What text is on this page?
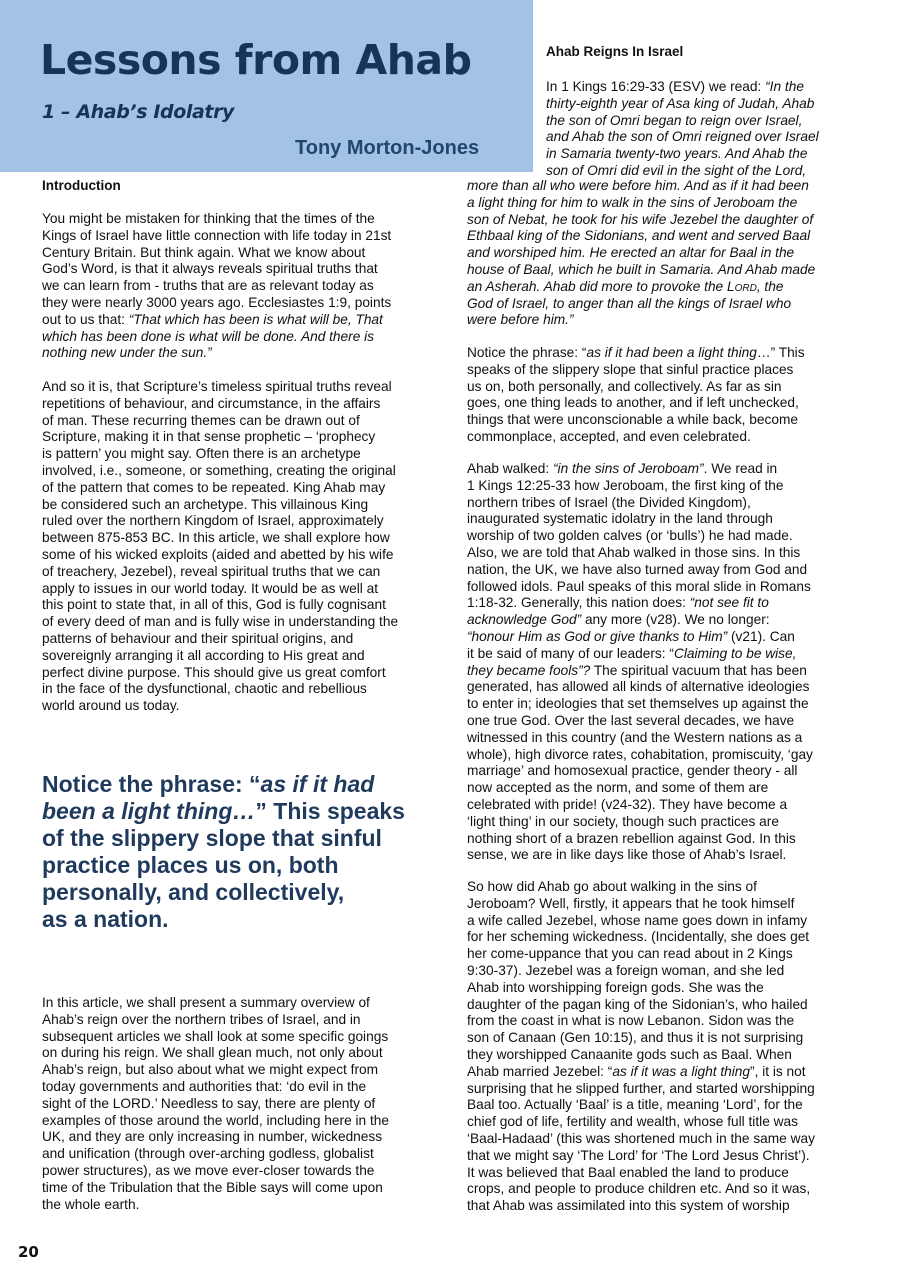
Lessons from Ahab
1 – Ahab’s Idolatry
Tony Morton-Jones
Introduction
You might be mistaken for thinking that the times of the
Kings of Israel have little connection with life today in 21st
Century Britain. But think again. What we know about
God’s Word, is that it always reveals spiritual truths that
we can learn from - truths that are as relevant today as
they were nearly 3000 years ago. Ecclesiastes 1:9, points
out to us that: “That which has been is what will be, That
which has been done is what will be done. And there is
nothing new under the sun.”
And so it is, that Scripture’s timeless spiritual truths reveal
repetitions of behaviour, and circumstance, in the affairs
of man. These recurring themes can be drawn out of
Scripture, making it in that sense prophetic – ‘prophecy
is pattern’ you might say. Often there is an archetype
involved, i.e., someone, or something, creating the original
of the pattern that comes to be repeated. King Ahab may
be considered such an archetype. This villainous King
ruled over the northern Kingdom of Israel, approximately
between 875-853 BC. In this article, we shall explore how
some of his wicked exploits (aided and abetted by his wife
of treachery, Jezebel), reveal spiritual truths that we can
apply to issues in our world today. It would be as well at
this point to state that, in all of this, God is fully cognisant
of every deed of man and is fully wise in understanding the
patterns of behaviour and their spiritual origins, and
sovereignly arranging it all according to His great and
perfect divine purpose. This should give us great comfort
in the face of the dysfunctional, chaotic and rebellious
world around us today.
Notice the phrase: “as if it had
been a light thing…” This speaks
of the slippery slope that sinful
practice places us on, both
personally, and collectively,
as a nation.
In this article, we shall present a summary overview of
Ahab’s reign over the northern tribes of Israel, and in
subsequent articles we shall look at some specific goings
on during his reign. We shall glean much, not only about
Ahab’s reign, but also about what we might expect from
today governments and authorities that: ‘do evil in the
sight of the LORD.’ Needless to say, there are plenty of
examples of those around the world, including here in the
UK, and they are only increasing in number, wickedness
and unification (through over-arching godless, globalist
power structures), as we move ever-closer towards the
time of the Tribulation that the Bible says will come upon
the whole earth.
Ahab Reigns In Israel
In 1 Kings 16:29-33 (ESV) we read: “In the
thirty-eighth year of Asa king of Judah, Ahab
the son of Omri began to reign over Israel,
and Ahab the son of Omri reigned over Israel
in Samaria twenty-two years. And Ahab the
son of Omri did evil in the sight of the Lord,
more than all who were before him. And as if it had been
a light thing for him to walk in the sins of Jeroboam the
son of Nebat, he took for his wife Jezebel the daughter of
Ethbaal king of the Sidonians, and went and served Baal
and worshiped him. He erected an altar for Baal in the
house of Baal, which he built in Samaria. And Ahab made
an Asherah. Ahab did more to provoke the Lord, the
God of Israel, to anger than all the kings of Israel who
were before him.”
Notice the phrase: “as if it had been a light thing…” This
speaks of the slippery slope that sinful practice places
us on, both personally, and collectively. As far as sin
goes, one thing leads to another, and if left unchecked,
things that were unconscionable a while back, become
commonplace, accepted, and even celebrated.
Ahab walked: “in the sins of Jeroboam”. We read in
1 Kings 12:25-33 how Jeroboam, the first king of the
northern tribes of Israel (the Divided Kingdom),
inaugurated systematic idolatry in the land through
worship of two golden calves (or ‘bulls’) he had made.
Also, we are told that Ahab walked in those sins. In this
nation, the UK, we have also turned away from God and
followed idols. Paul speaks of this moral slide in Romans
1:18-32. Generally, this nation does: “not see fit to
acknowledge God” any more (v28). We no longer:
“honour Him as God or give thanks to Him” (v21). Can
it be said of many of our leaders: “Claiming to be wise,
they became fools”? The spiritual vacuum that has been
generated, has allowed all kinds of alternative ideologies
to enter in; ideologies that set themselves up against the
one true God. Over the last several decades, we have
witnessed in this country (and the Western nations as a
whole), high divorce rates, cohabitation, promiscuity, ‘gay
marriage’ and homosexual practice, gender theory - all
now accepted as the norm, and some of them are
celebrated with pride! (v24-32). They have become a
‘light thing’ in our society, though such practices are
nothing short of a brazen rebellion against God. In this
sense, we are in like days like those of Ahab’s Israel.
So how did Ahab go about walking in the sins of
Jeroboam? Well, firstly, it appears that he took himself
a wife called Jezebel, whose name goes down in infamy
for her scheming wickedness. (Incidentally, she does get
her come-uppance that you can read about in 2 Kings
9:30-37). Jezebel was a foreign woman, and she led
Ahab into worshipping foreign gods. She was the
daughter of the pagan king of the Sidonian’s, who hailed
from the coast in what is now Lebanon. Sidon was the
son of Canaan (Gen 10:15), and thus it is not surprising
they worshipped Canaanite gods such as Baal. When
Ahab married Jezebel: “as if it was a light thing”, it is not
surprising that he slipped further, and started worshipping
Baal too. Actually ‘Baal’ is a title, meaning ‘Lord’, for the
chief god of life, fertility and wealth, whose full title was
‘Baal-Hadaad’ (this was shortened much in the same way
that we might say ‘The Lord’ for ‘The Lord Jesus Christ’).
It was believed that Baal enabled the land to produce
crops, and people to produce children etc. And so it was,
that Ahab was assimilated into this system of worship
20
